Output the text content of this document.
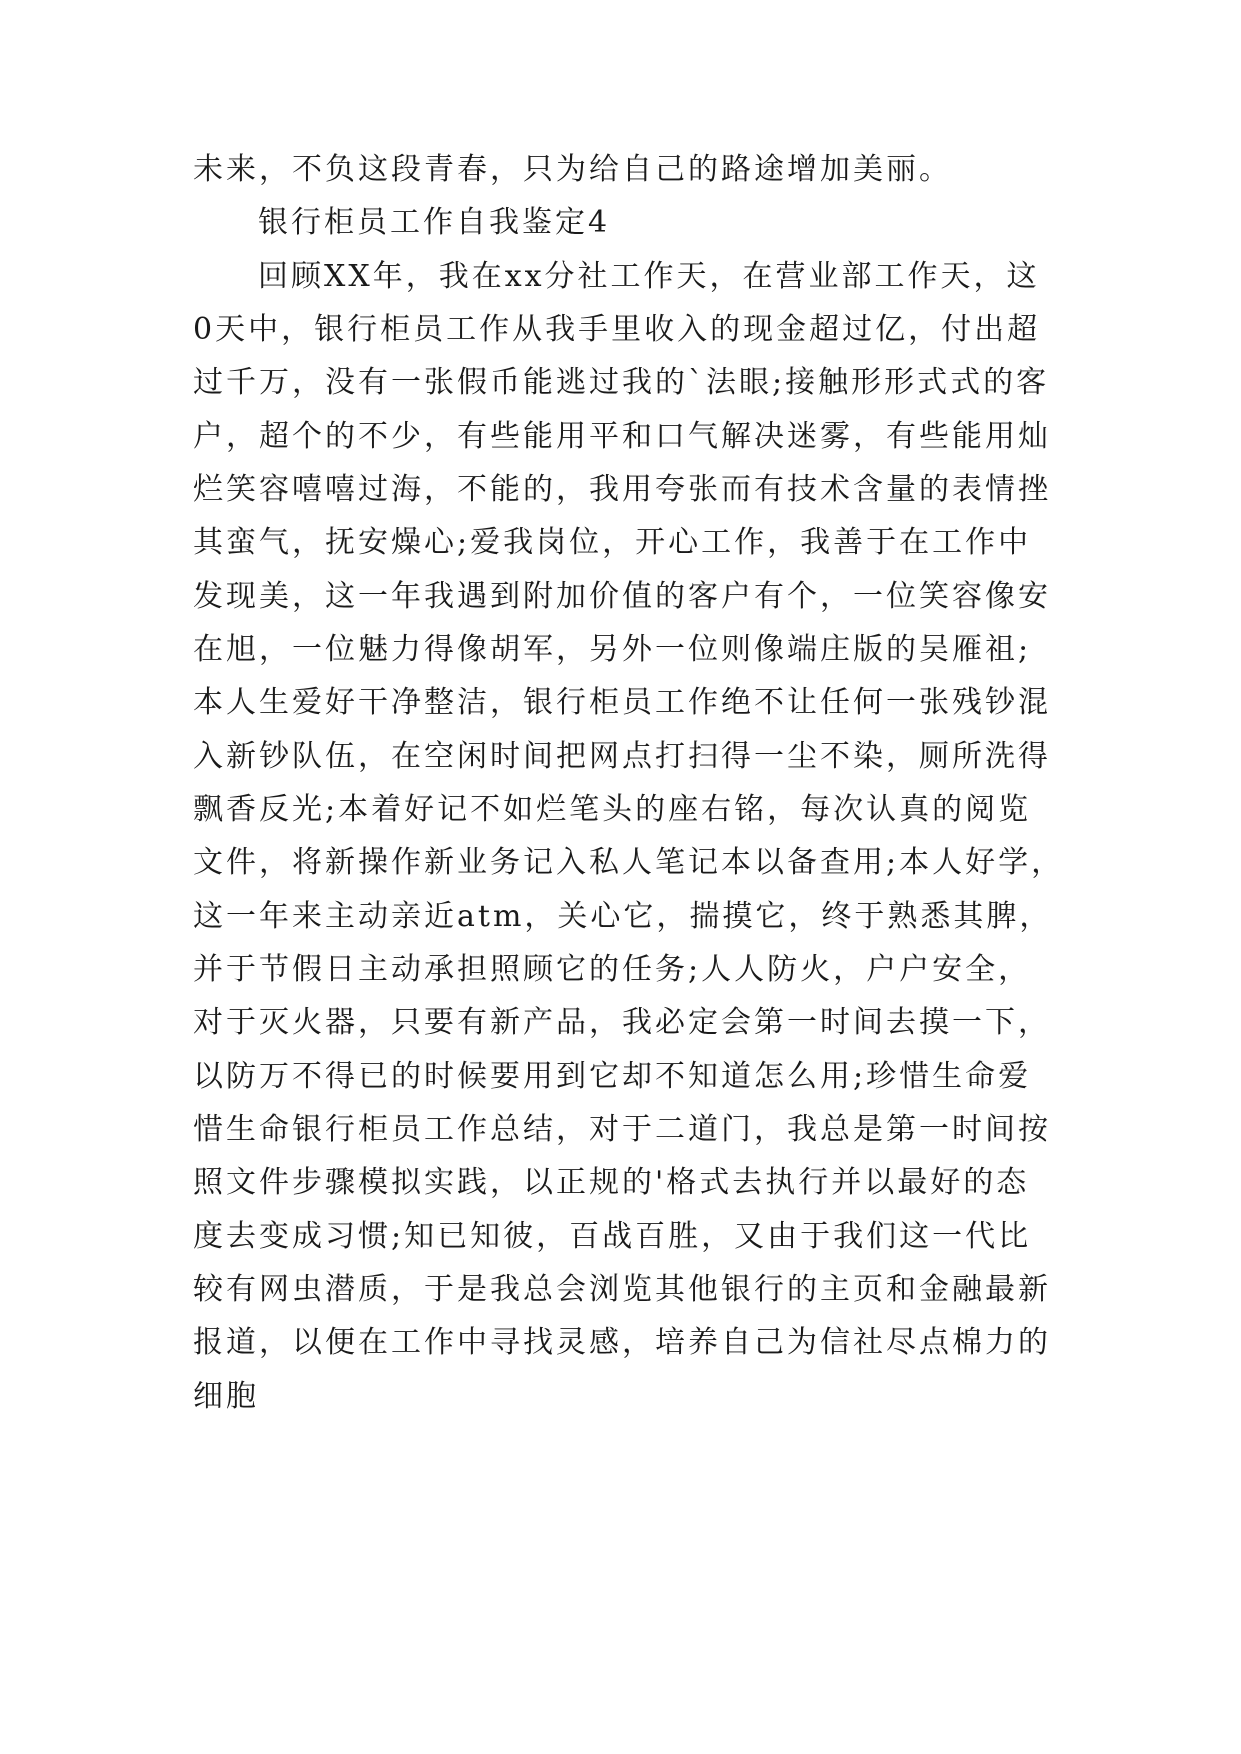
未来，不负这段青春，只为给自己的路途增加美丽。
银行柜员工作自我鉴定4
回顾XX年，我在xx分社工作天，在营业部工作天，这
0天中，银行柜员工作从我手里收入的现金超过亿，付出超
过千万，没有一张假币能逃过我的`法眼;接触形形式式的客
户，超个的不少，有些能用平和口气解决迷雾，有些能用灿
烂笑容嘻嘻过海，不能的，我用夸张而有技术含量的表情挫
其蛮气，抚安燥心;爱我岗位，开心工作，我善于在工作中
发现美，这一年我遇到附加价值的客户有个，一位笑容像安
在旭，一位魅力得像胡军，另外一位则像端庄版的吴雁祖;
本人生爱好干净整洁，银行柜员工作绝不让任何一张残钞混
入新钞队伍，在空闲时间把网点打扫得一尘不染，厕所洗得
飘香反光;本着好记不如烂笔头的座右铭，每次认真的阅览
文件，将新操作新业务记入私人笔记本以备查用;本人好学，
这一年来主动亲近atm，关心它，揣摸它，终于熟悉其脾，
并于节假日主动承担照顾它的任务;人人防火，户户安全，
对于灭火器，只要有新产品，我必定会第一时间去摸一下，
以防万不得已的时候要用到它却不知道怎么用;珍惜生命爱
惜生命银行柜员工作总结，对于二道门，我总是第一时间按
照文件步骤模拟实践，以正规的'格式去执行并以最好的态
度去变成习惯;知已知彼，百战百胜，又由于我们这一代比
较有网虫潜质，于是我总会浏览其他银行的主页和金融最新
报道，以便在工作中寻找灵感，培养自己为信社尽点棉力的
细胞
